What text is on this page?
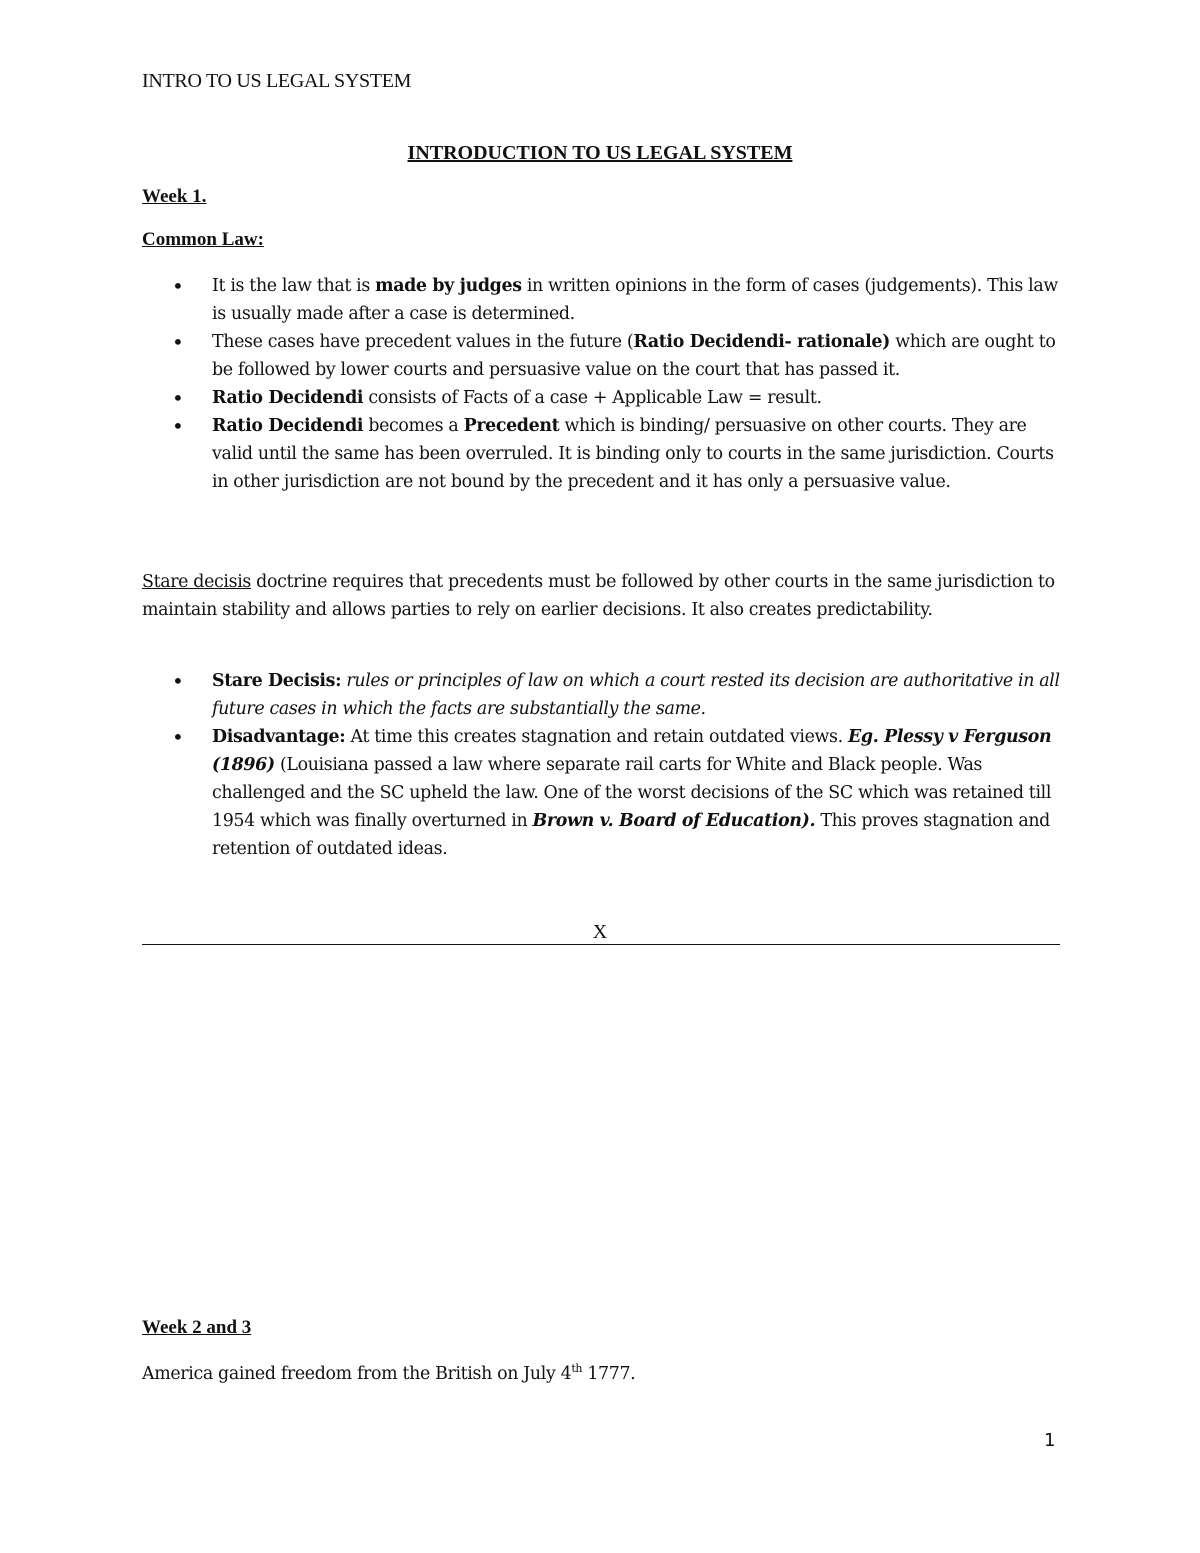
INTRO TO US LEGAL SYSTEM
INTRODUCTION TO US LEGAL SYSTEM
Week 1.
Common Law:
• It is the law that is made by judges in written opinions in the form of cases (judgements). This law is usually made after a case is determined.
• These cases have precedent values in the future (Ratio Decidendi- rationale) which are ought to be followed by lower courts and persuasive value on the court that has passed it.
• Ratio Decidendi consists of Facts of a case + Applicable Law = result.
• Ratio Decidendi becomes a Precedent which is binding/ persuasive on other courts. They are valid until the same has been overruled. It is binding only to courts in the same jurisdiction. Courts in other jurisdiction are not bound by the precedent and it has only a persuasive value.

Stare decisis doctrine requires that precedents must be followed by other courts in the same jurisdiction to maintain stability and allows parties to rely on earlier decisions. It also creates predictability.

• Stare Decisis: rules or principles of law on which a court rested its decision are authoritative in all future cases in which the facts are substantially the same.
• Disadvantage: At time this creates stagnation and retain outdated views. Eg. Plessy v Ferguson (1896) (Louisiana passed a law where separate rail carts for White and Black people. Was challenged and the SC upheld the law. One of the worst decisions of the SC which was retained till 1954 which was finally overturned in Brown v. Board of Education). This proves stagnation and retention of outdated ideas.
X
Week 2 and 3

America gained freedom from the British on July 4th 1777.

1
